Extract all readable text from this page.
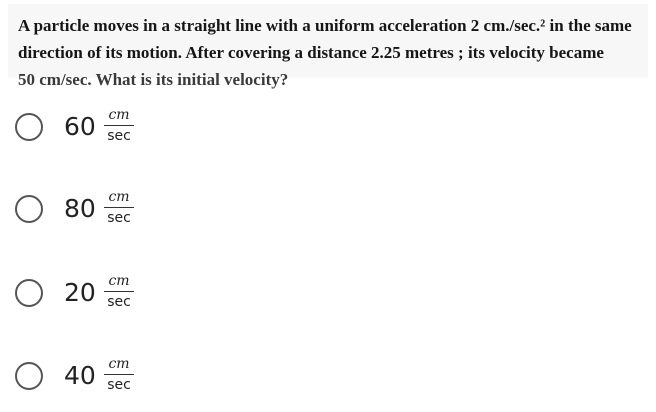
A particle moves in a straight line with a uniform acceleration 2 cm./sec.² in the same
direction of its motion. After covering a distance 2.25 metres ; its velocity became
50 cm/sec. What is its initial velocity?
60 cm
sec
80 cm
sec
20 cm
sec
40 cm
sec
